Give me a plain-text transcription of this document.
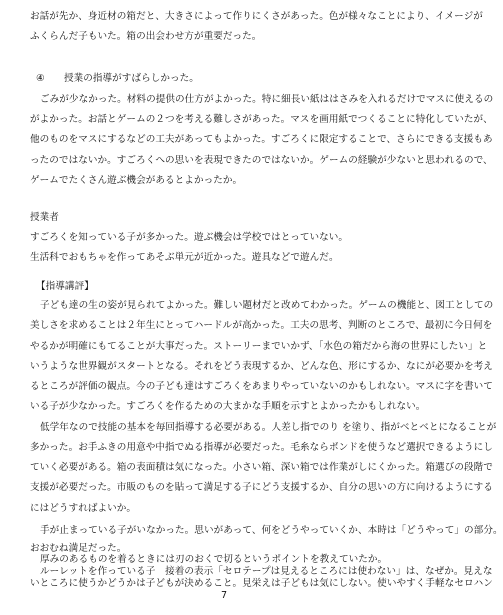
お話が先か、身近材の箱だと、大きさによって作りにくさがあった。色が様々なことにより、イメージが
ふくらんだ子もいた。箱の出会わせ方が重要だった。
④　　授業の指導がすばらしかった。
ごみが少なかった。材料の提供の仕方がよかった。特に細長い紙ははさみを入れるだけでマスに使えるの
がよかった。お話とゲームの２つを考える難しさがあった。マスを画用紙でつくることに特化していたが、
他のものをマスにするなどの工夫があってもよかった。すごろくに限定することで、さらにできる支援もあ
ったのではないか。すごろくへの思いを表現できたのではないか。ゲームの経験が少ないと思われるので、
ゲームでたくさん遊ぶ機会があるとよかったか。
授業者
すごろくを知っている子が多かった。遊ぶ機会は学校ではとっていない。
生活科でおもちゃを作ってあそぶ単元が近かった。遊具などで遊んだ。
【指導講評】
子ども達の生の姿が見られてよかった。難しい題材だと改めてわかった。ゲームの機能と、図工としての
美しさを求めることは２年生にとってハードルが高かった。工夫の思考、判断のところで、最初に今日何を
やるかが明確にもてることが大事だった。ストーリーまでいかず、「水色の箱だから海の世界にしたい」と
いうような世界観がスタートとなる。それをどう表現するか、どんな色、形にするか、なにが必要かを考え
るところが評価の観点。今の子ども達はすごろくをあまりやっていないのかもしれない。マスに字を書いて
いる子が少なかった。すごろくを作るための大まかな手順を示すとよかったかもしれない。
低学年なので技能の基本を毎回指導する必要がある。人差し指でのり を塗り、指がベとベとになることが
多かった。お手ふきの用意や中指でぬる指導が必要だった。毛糸ならボンドを使うなど選択できるようにし
ていく必要がある。箱の表面積は気になった。小さい箱、深い箱では作業がしにくかった。箱選びの段階で
支援が必要だった。市販のものを貼って満足する子にどう支援するか、自分の思いの方に向けるようにする
にはどうすればよいか。
手が止まっている子がいなかった。思いがあって、何をどうやっていくか、本時は「どうやって」の部分。
おおむね満足だった。
厚みのあるものを着るときには刃のおくで切るというポイントを教えていたか。
ルーレットを作っている子　接着の表示「セロテープは見えるところには使わない」は、なぜか。見えな
いところに使うかどうかは子どもが決めること。見栄えは子どもは気にしない。使いやすく手軽なセロハン
7
